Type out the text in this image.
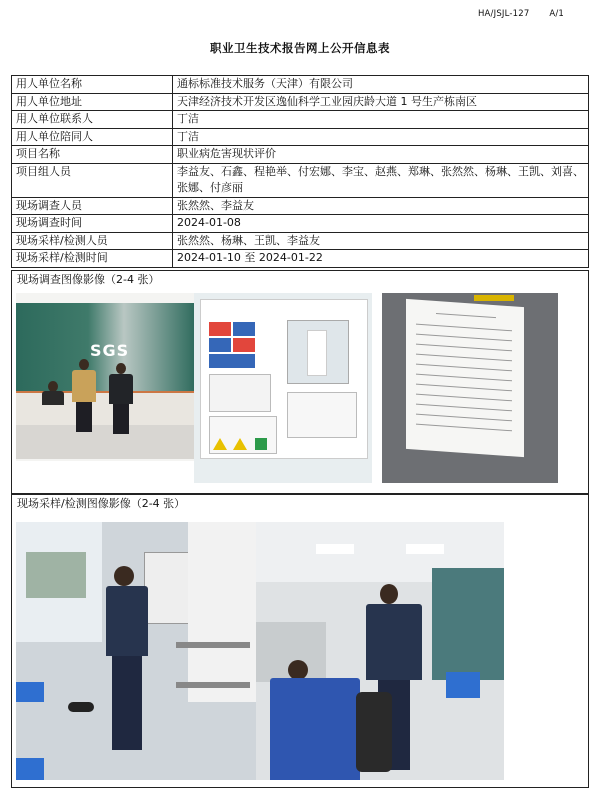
HA/JSJL-127 A/1
职业卫生技术报告网上公开信息表
用人单位名称	通标标准技术服务（天津）有限公司
用人单位地址	天津经济技术开发区逸仙科学工业园庆龄大道 1 号生产栋南区
用人单位联系人	丁洁
用人单位陪同人	丁洁
项目名称	职业病危害现状评价
项目组人员	李益友、石鑫、程艳举、付宏娜、李宝、赵燕、郑琳、张然然、杨琳、王凯、刘喜、张娜、付彦丽
现场调查人员	张然然、李益友
现场调查时间	2024-01-08
现场采样/检测人员	张然然、杨琳、王凯、李益友
现场采样/检测时间	2024-01-10 至 2024-01-22
现场调查图像影像（2-4 张）
SGS
现场采样/检测图像影像（2-4 张）
